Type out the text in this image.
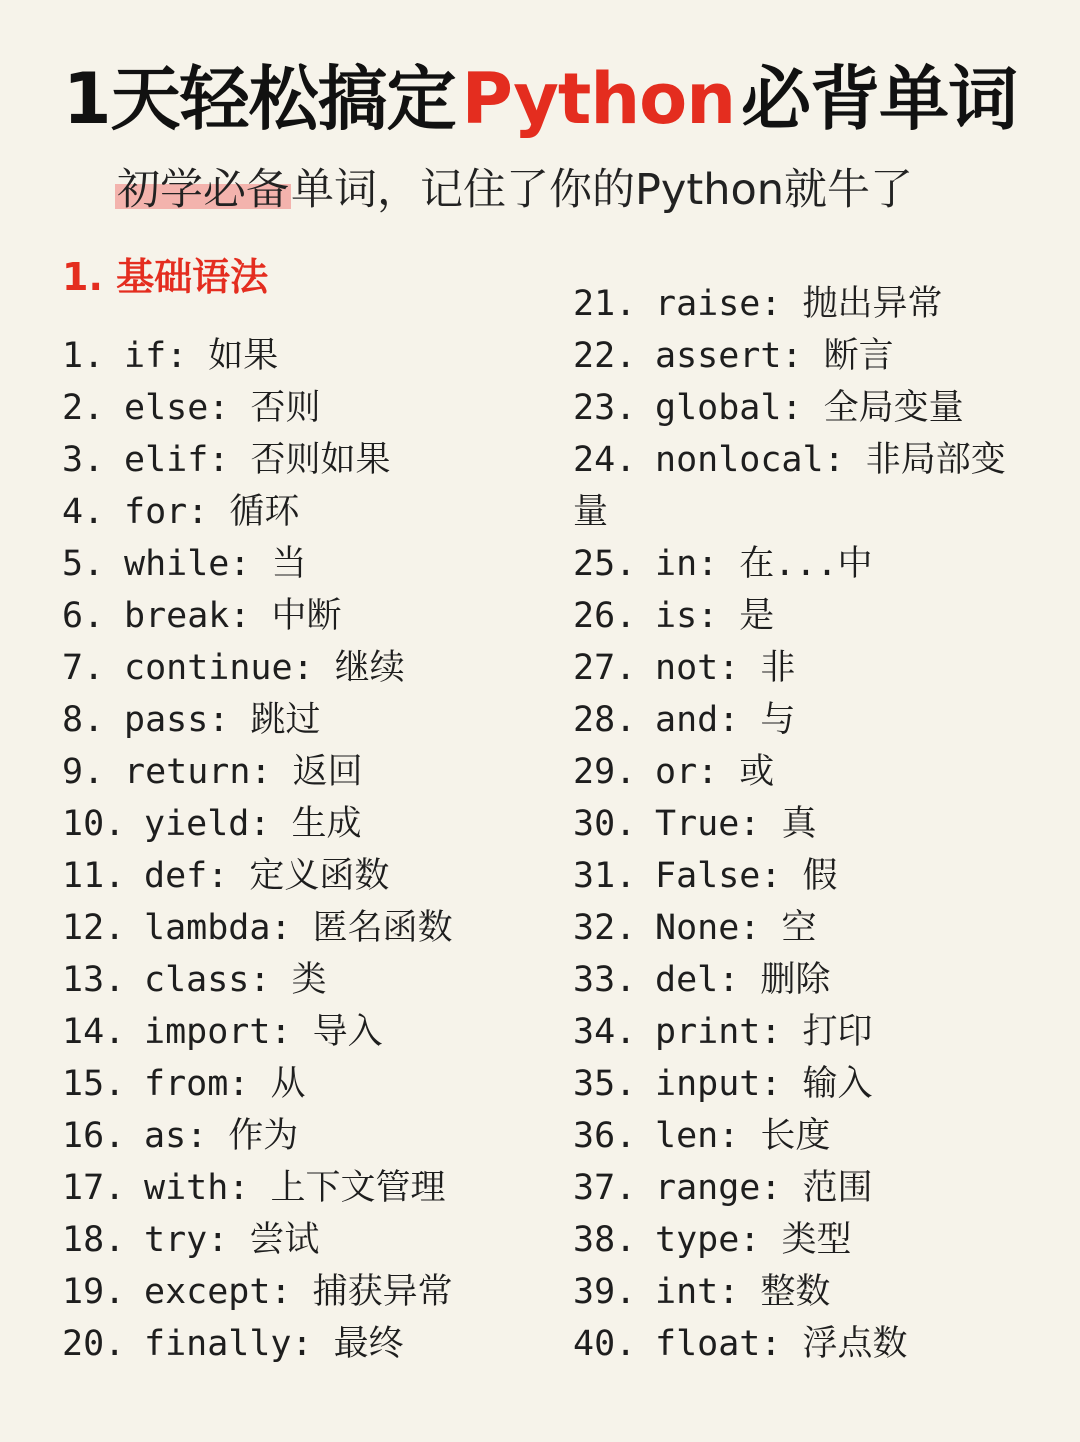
1天轻松搞定Python必背单词
初学必备单词，记住了你的Python就牛了
1. 基础语法
1. if: 如果
2. else: 否则
3. elif: 否则如果
4. for: 循环
5. while: 当
6. break: 中断
7. continue: 继续
8. pass: 跳过
9. return: 返回
10. yield: 生成
11. def: 定义函数
12. lambda: 匿名函数
13. class: 类
14. import: 导入
15. from: 从
16. as: 作为
17. with: 上下文管理
18. try: 尝试
19. except: 捕获异常
20. finally: 最终
21. raise: 抛出异常
22. assert: 断言
23. global: 全局变量
24. nonlocal: 非局部变
25. in: 在...中
26. is: 是
27. not: 非
28. and: 与
29. or: 或
30. True: 真
31. False: 假
32. None: 空
33. del: 删除
34. print: 打印
35. input: 输入
36. len: 长度
37. range: 范围
38. type: 类型
39. int: 整数
40. float: 浮点数
量
